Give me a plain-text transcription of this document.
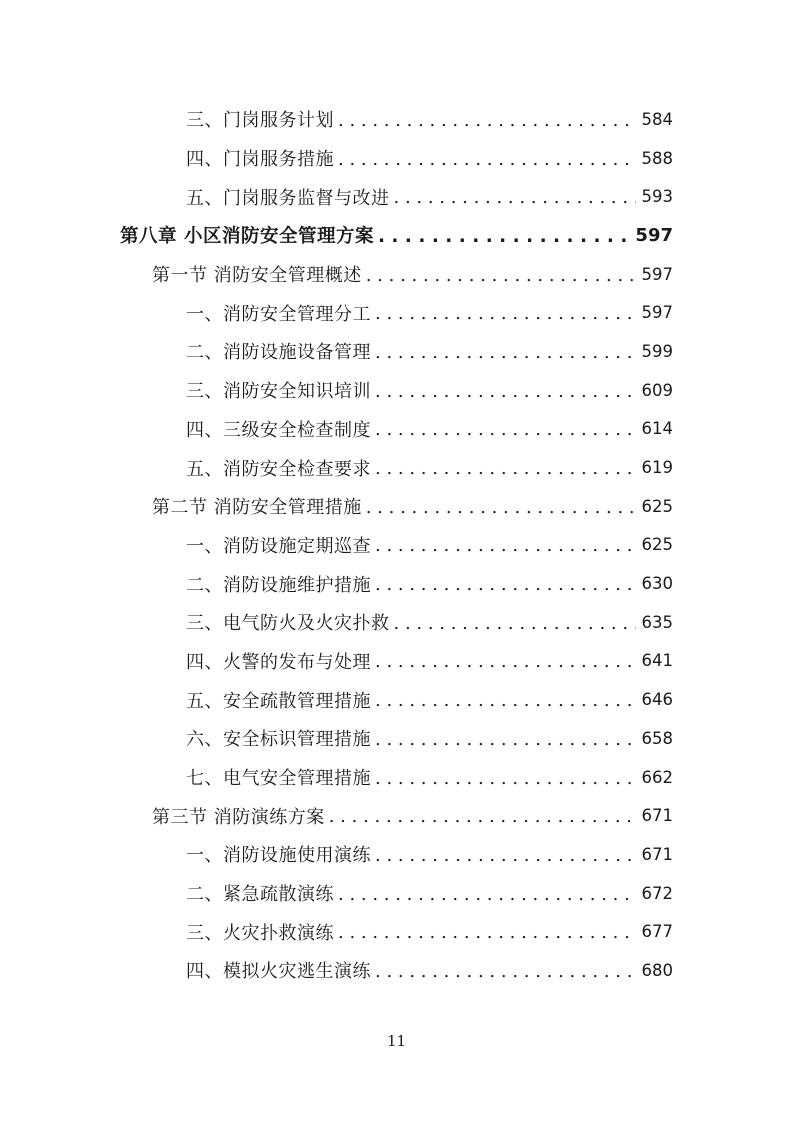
三、门岗服务计划 . . .	584
四、门岗服务措施 . . .	588
五、门岗服务监督与改进 . . .	593
第八章 小区消防安全管理方案 . . .	597
第一节 消防安全管理概述 . . .	597
一、消防安全管理分工 . . .	597
二、消防设施设备管理 . . .	599
三、消防安全知识培训 . . .	609
四、三级安全检查制度 . . .	614
五、消防安全检查要求 . . .	619
第二节 消防安全管理措施 . . .	625
一、消防设施定期巡查 . . .	625
二、消防设施维护措施 . . .	630
三、电气防火及火灾扑救 . . .	635
四、火警的发布与处理 . . .	641
五、安全疏散管理措施 . . .	646
六、安全标识管理措施 . . .	658
七、电气安全管理措施 . . .	662
第三节 消防演练方案 . . .	671
一、消防设施使用演练 . . .	671
二、紧急疏散演练 . . .	672
三、火灾扑救演练 . . .	677
四、模拟火灾逃生演练 . . .	680
11
